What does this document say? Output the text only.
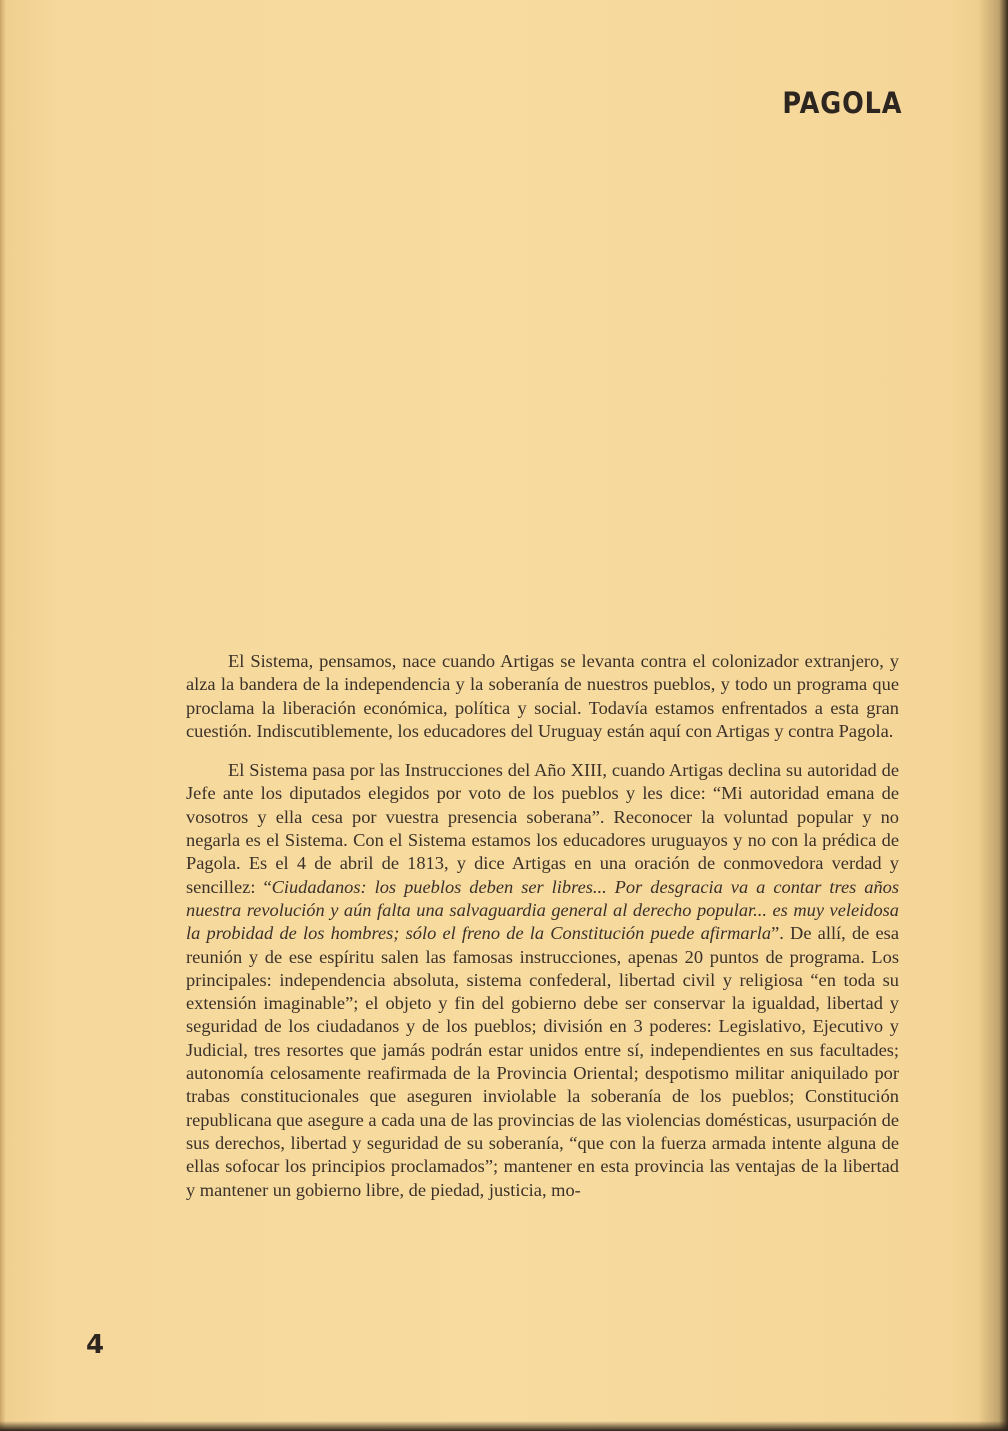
PAGOLA

El Sistema, pensamos, nace cuando Artigas se levanta contra el colonizador extranjero, y alza la bandera de la independencia y la soberanía de nuestros pueblos, y todo un programa que proclama la liberación económica, política y social. Todavía estamos enfrentados a esta gran cuestión. Indiscutiblemente, los educadores del Uruguay están aquí con Artigas y contra Pagola.

El Sistema pasa por las Instrucciones del Año XIII, cuando Artigas declina su autoridad de Jefe ante los diputados elegidos por voto de los pueblos y les dice: “Mi autoridad emana de vosotros y ella cesa por vuestra presencia soberana”. Reconocer la voluntad popular y no negarla es el Sistema. Con el Sistema estamos los educadores uruguayos y no con la prédica de Pagola. Es el 4 de abril de 1813, y dice Artigas en una oración de conmovedora verdad y sencillez: “Ciudadanos: los pueblos deben ser libres... Por desgracia va a contar tres años nuestra revolución y aún falta una salvaguardia general al derecho popular... es muy veleidosa la probidad de los hombres; sólo el freno de la Constitución puede afirmarla”. De allí, de esa reunión y de ese espíritu salen las famosas instrucciones, apenas 20 puntos de programa. Los principales: independencia absoluta, sistema confederal, libertad civil y religiosa “en toda su extensión imaginable”; el objeto y fin del gobierno debe ser conservar la igualdad, libertad y seguridad de los ciudadanos y de los pueblos; división en 3 poderes: Legislativo, Ejecutivo y Judicial, tres resortes que jamás podrán estar unidos entre sí, independientes en sus facultades; autonomía celosamente reafirmada de la Provincia Oriental; despotismo militar aniquilado por trabas constitucionales que aseguren inviolable la soberanía de los pueblos; Constitución republicana que asegure a cada una de las provincias de las violencias domésticas, usurpación de sus derechos, libertad y seguridad de su soberanía, “que con la fuerza armada intente alguna de ellas sofocar los principios proclamados”; mantener en esta provincia las ventajas de la libertad y mantener un gobierno libre, de piedad, justicia, mo-

4
